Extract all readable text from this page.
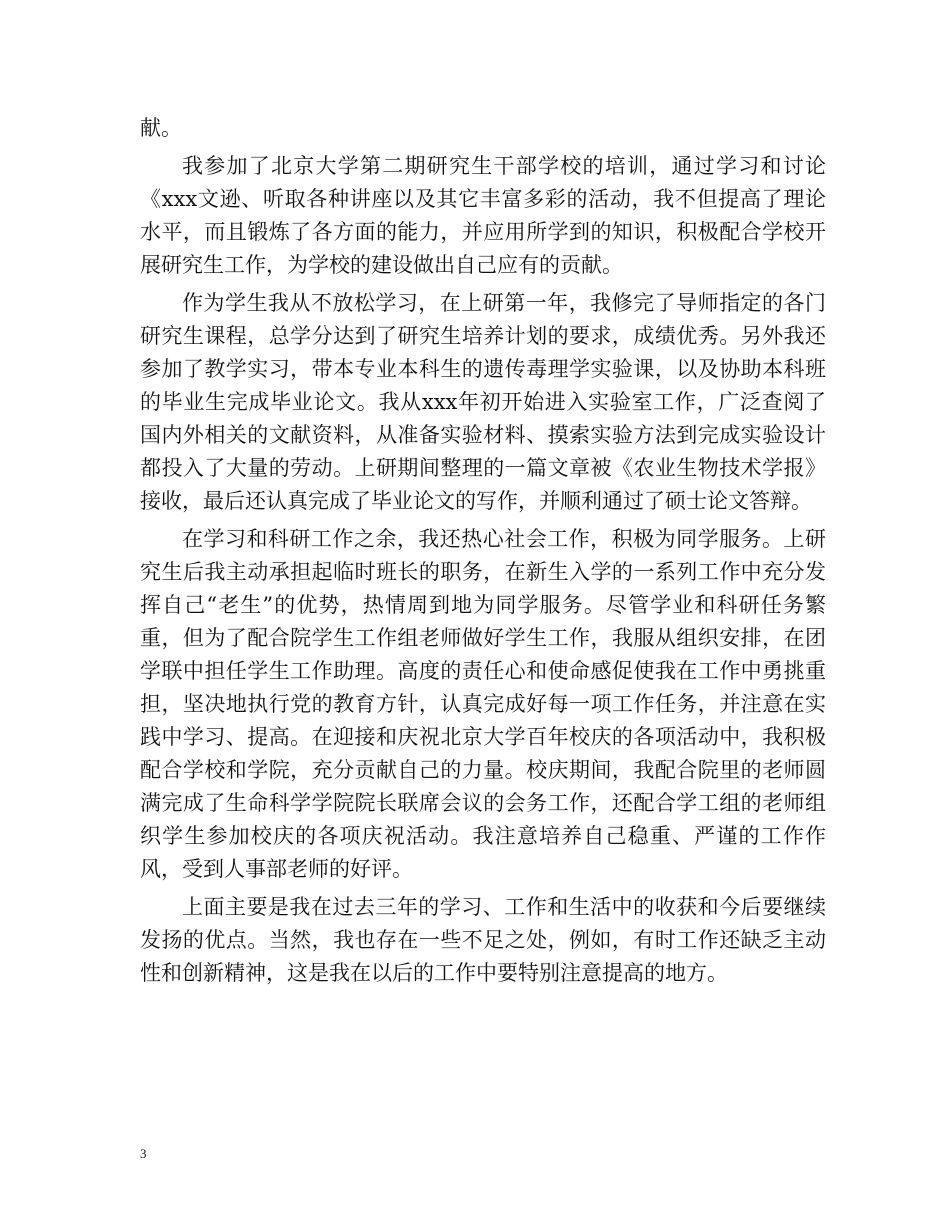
献。

我参加了北京大学第二期研究生干部学校的培训，通过学习和讨论《xxx文逊、听取各种讲座以及其它丰富多彩的活动，我不但提高了理论水平，而且锻炼了各方面的能力，并应用所学到的知识，积极配合学校开展研究生工作，为学校的建设做出自己应有的贡献。

作为学生我从不放松学习，在上研第一年，我修完了导师指定的各门研究生课程，总学分达到了研究生培养计划的要求，成绩优秀。另外我还参加了教学实习，带本专业本科生的遗传毒理学实验课，以及协助本科班的毕业生完成毕业论文。我从xxx年初开始进入实验室工作，广泛查阅了国内外相关的文献资料，从准备实验材料、摸索实验方法到完成实验设计都投入了大量的劳动。上研期间整理的一篇文章被《农业生物技术学报》接收，最后还认真完成了毕业论文的写作，并顺利通过了硕士论文答辩。

在学习和科研工作之余，我还热心社会工作，积极为同学服务。上研究生后我主动承担起临时班长的职务，在新生入学的一系列工作中充分发挥自己“老生”的优势，热情周到地为同学服务。尽管学业和科研任务繁重，但为了配合院学生工作组老师做好学生工作，我服从组织安排，在团学联中担任学生工作助理。高度的责任心和使命感促使我在工作中勇挑重担，坚决地执行党的教育方针，认真完成好每一项工作任务，并注意在实践中学习、提高。在迎接和庆祝北京大学百年校庆的各项活动中，我积极配合学校和学院，充分贡献自己的力量。校庆期间，我配合院里的老师圆满完成了生命科学学院院长联席会议的会务工作，还配合学工组的老师组织学生参加校庆的各项庆祝活动。我注意培养自己稳重、严谨的工作作风，受到人事部老师的好评。

上面主要是我在过去三年的学习、工作和生活中的收获和今后要继续发扬的优点。当然，我也存在一些不足之处，例如，有时工作还缺乏主动性和创新精神，这是我在以后的工作中要特别注意提高的地方。

3
